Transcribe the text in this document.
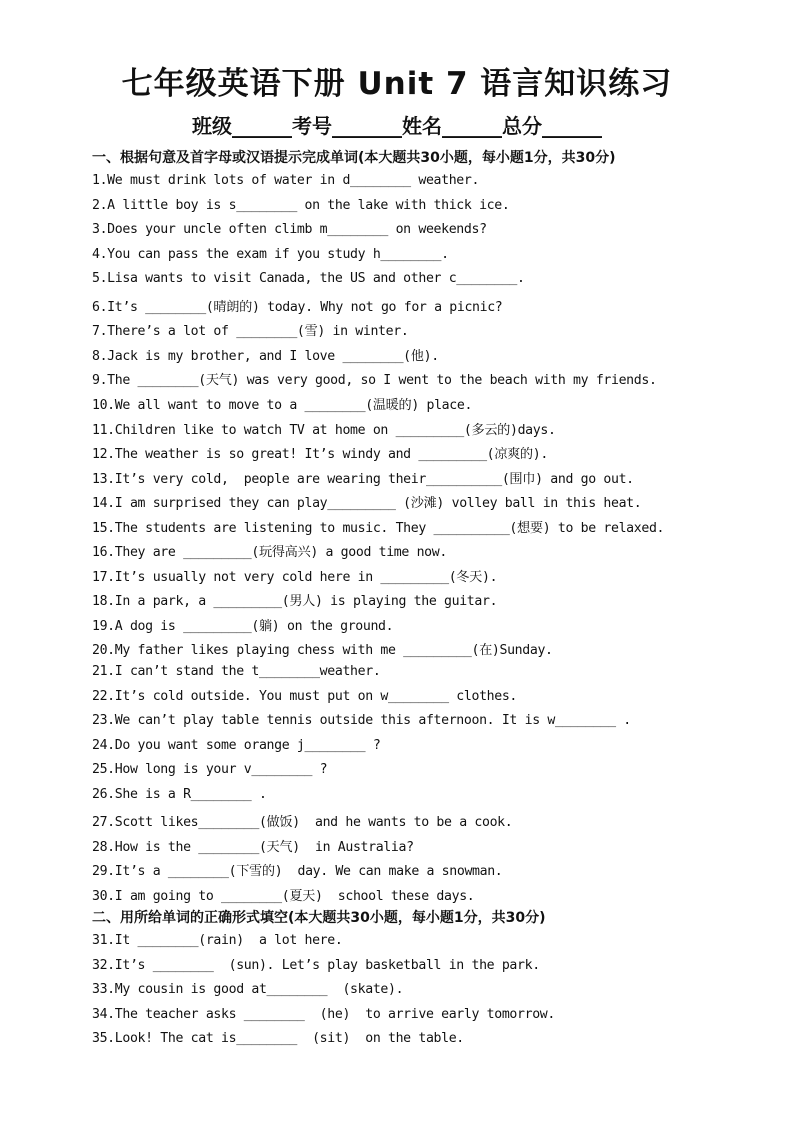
七年级英语下册 Unit 7 语言知识练习
班级______考号_______姓名______总分______
一、根据句意及首字母或汉语提示完成单词(本大题共30小题，每小题1分，共30分)
1.We must drink lots of water in d________ weather.
2.A little boy is s________ on the lake with thick ice.
3.Does your uncle often climb m________ on weekends?
4.You can pass the exam if you study h________.
5.Lisa wants to visit Canada, the US and other c________.
6.It’s ________(晴朗的) today. Why not go for a picnic?
7.There’s a lot of ________(雪) in winter.
8.Jack is my brother, and I love ________(他).
9.The ________(天气) was very good, so I went to the beach with my friends.
10.We all want to move to a ________(温暖的) place.
11.Children like to watch TV at home on _________(多云的)days.
12.The weather is so great! It’s windy and _________(凉爽的).
13.It’s very cold,  people are wearing their__________(围巾) and go out.
14.I am surprised they can play_________ (沙滩) volley ball in this heat.
15.The students are listening to music. They __________(想要) to be relaxed.
16.They are _________(玩得高兴) a good time now.
17.It’s usually not very cold here in _________(冬天).
18.In a park, a _________(男人) is playing the guitar.
19.A dog is _________(躺) on the ground.
20.My father likes playing chess with me _________(在)Sunday.
21.I can’t stand the t________weather.
22.It’s cold outside. You must put on w________ clothes.
23.We can’t play table tennis outside this afternoon. It is w________ .
24.Do you want some orange j________ ?
25.How long is your v________ ?
26.She is a R________ .
27.Scott likes________(做饭)  and he wants to be a cook.
28.How is the ________(天气)  in Australia?
29.It’s a ________(下雪的)  day. We can make a snowman.
30.I am going to ________(夏天)  school these days.
二、用所给单词的正确形式填空(本大题共30小题，每小题1分，共30分)
31.It ________(rain)  a lot here.
32.It’s ________  (sun). Let’s play basketball in the park.
33.My cousin is good at________  (skate).
34.The teacher asks ________  (he)  to arrive early tomorrow.
35.Look! The cat is________  (sit)  on the table.
